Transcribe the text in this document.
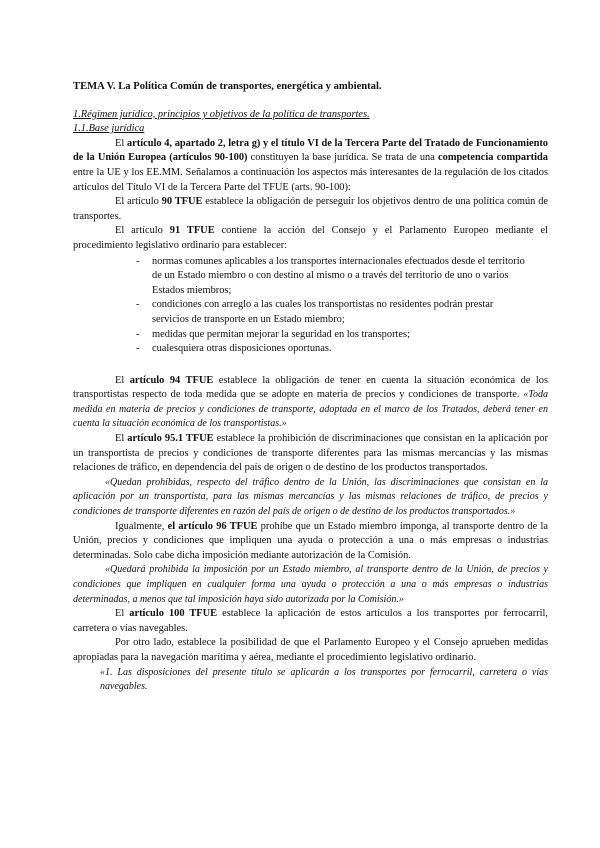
TEMA V. La Política Común de transportes, energética y ambiental.
1.Régimen jurídico, principios y objetivos de la política de transportes.
1.1.Base jurídica

El artículo 4, apartado 2, letra g) y el título VI de la Tercera Parte del Tratado de Funcionamiento de la Unión Europea (artículos 90-100) constituyen la base jurídica. Se trata de una competencia compartida entre la UE y los EE.MM. Señalamos a continuación los aspectos más interesantes de la regulación de los citados artículos del Título VI de la Tercera Parte del TFUE (arts. 90-100):

El artículo 90 TFUE establece la obligación de perseguir los objetivos dentro de una política común de transportes.

El artículo 91 TFUE contiene la acción del Consejo y el Parlamento Europeo mediante el procedimiento legislativo ordinario para establecer:

- normas comunes aplicables a los transportes internacionales efectuados desde el territorio de un Estado miembro o con destino al mismo o a través del territorio de uno o varios Estados miembros;
- condiciones con arreglo a las cuales los transportistas no residentes podrán prestar servicios de transporte en un Estado miembro;
- medidas que permitan mejorar la seguridad en los transportes;
- cualesquiera otras disposiciones oportunas.

El artículo 94 TFUE establece la obligación de tener en cuenta la situación económica de los transportistas respecto de toda medida que se adopte en materia de precios y condiciones de transporte. «Toda medida en materia de precios y condiciones de transporte, adoptada en el marco de los Tratados, deberá tener en cuenta la situación económica de los transportistas.»

El artículo 95.1 TFUE establece la prohibición de discriminaciones que consistan en la aplicación por un transportista de precios y condiciones de transporte diferentes para las mismas mercancías y las mismas relaciones de tráfico, en dependencia del país de origen o de destino de los productos transportados.

«Quedan prohibidas, respecto del tráfico dentro de la Unión, las discriminaciones que consistan en la aplicación por un transportista, para las mismas mercancías y las mismas relaciones de tráfico, de precios y condiciones de transporte diferentes en razón del país de origen o de destino de los productos transportados.»

Igualmente, el artículo 96 TFUE prohíbe que un Estado miembro imponga, al transporte dentro de la Unión, precios y condiciones que impliquen una ayuda o protección a una o más empresas o industrias determinadas. Solo cabe dicha imposición mediante autorización de la Comisión.

«Quedará prohibida la imposición por un Estado miembro, al transporte dentro de la Unión, de precios y condiciones que impliquen en cualquier forma una ayuda o protección a una o más empresas o industrias determinadas, a menos que tal imposición haya sido autorizada por la Comisión.»

El artículo 100 TFUE establece la aplicación de estos artículos a los transportes por ferrocarril, carretera o vías navegables.

Por otro lado, establece la posibilidad de que el Parlamento Europeo y el Consejo aprueben medidas apropiadas para la navegación marítima y aérea, mediante el procedimiento legislativo ordinario.

«1. Las disposiciones del presente título se aplicarán a los transportes por ferrocarril, carretera o vías navegables.
